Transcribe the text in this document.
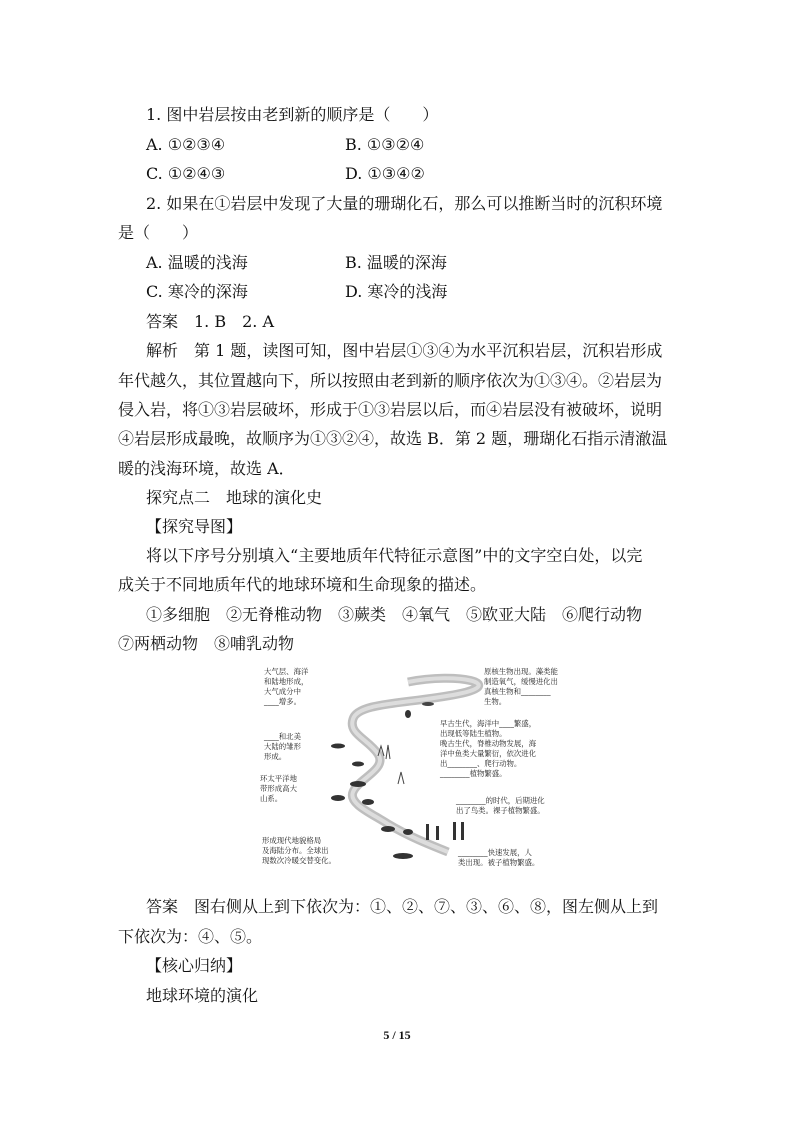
1. 图中岩层按由老到新的顺序是（　　）
A. ①②③④	B. ①③②④
C. ①②④③	D. ①③④②
2. 如果在①岩层中发现了大量的珊瑚化石，那么可以推断当时的沉积环境
是（　　）
A. 温暖的浅海	B. 温暖的深海
C. 寒冷的深海	D. 寒冷的浅海
答案　1. B　2. A
解析　第 1 题，读图可知，图中岩层①③④为水平沉积岩层，沉积岩形成
年代越久，其位置越向下，所以按照由老到新的顺序依次为①③④。②岩层为
侵入岩，将①③岩层破坏，形成于①③岩层以后，而④岩层没有被破坏，说明
④岩层形成最晚，故顺序为①③②④，故选 B．第 2 题，珊瑚化石指示清澈温
暖的浅海环境，故选 A．
探究点二　地球的演化史
【探究导图】
将以下序号分别填入“主要地质年代特征示意图”中的文字空白处，以完
成关于不同地质年代的地球环境和生命现象的描述。
①多细胞　②无脊椎动物　③蕨类　④氧气　⑤欧亚大陆　⑥爬行动物
⑦两栖动物　⑧哺乳动物
大气层、海洋
和陆地形成，
大气成分中
____增多。
____和北美
大陆的雏形
形成。
环太平洋地
带形成高大
山系。
形成现代地貌格局
及海陆分布。全球出
现数次冷暖交替变化。
原核生物出现。藻类能
制造氧气，缓慢进化出
真核生物和________
生物。
早古生代，海洋中____繁盛，
出现低等陆生植物。
晚古生代，脊椎动物发展，海
洋中鱼类大量繁衍，依次进化
出________、爬行动物。
________植物繁盛。
________的时代，后期进化
出了鸟类。裸子植物繁盛。
________快速发展，人
类出现。被子植物繁盛。
答案　图右侧从上到下依次为：①、②、⑦、③、⑥、⑧，图左侧从上到
下依次为：④、⑤。
【核心归纳】
地球环境的演化
5 / 15
